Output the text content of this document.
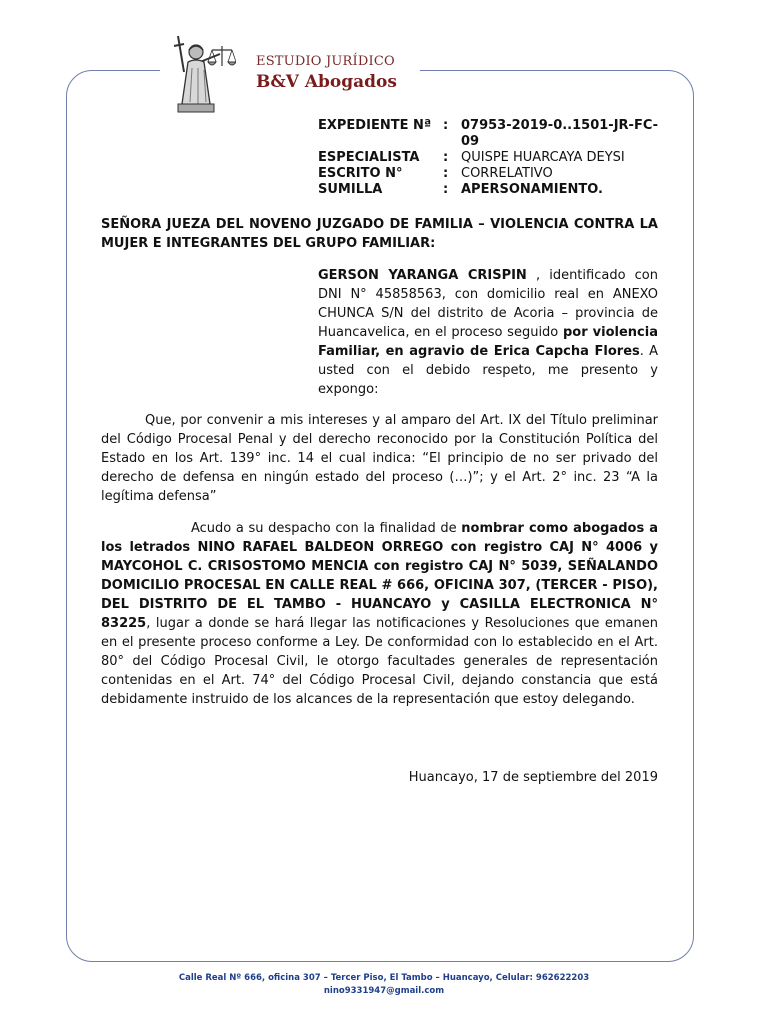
ESTUDIO JURÍDICO
B&V Abogados
EXPEDIENTE Nª : 07953-2019-0..1501-JR-FC-09
ESPECIALISTA	: QUISPE HUARCAYA DEYSI
ESCRITO N°	: CORRELATIVO
SUMILLA	: APERSONAMIENTO.
SEÑORA JUEZA DEL NOVENO JUZGADO DE FAMILIA – VIOLENCIA CONTRA LA MUJER E INTEGRANTES DEL GRUPO FAMILIAR:
GERSON YARANGA CRISPIN , identificado con DNI N° 45858563, con domicilio real en ANEXO CHUNCA S/N del distrito de Acoria – provincia de Huancavelica, en el proceso seguido por violencia Familiar, en agravio de Erica Capcha Flores. A usted con el debido respeto, me presento y expongo:
Que, por convenir a mis intereses y al amparo del Art. IX del Título preliminar del Código Procesal Penal y del derecho reconocido por la Constitución Política del Estado en los Art. 139° inc. 14 el cual indica: “El principio de no ser privado del derecho de defensa en ningún estado del proceso (…)”; y el Art. 2° inc. 23 “A la legítima defensa”
Acudo a su despacho con la finalidad de nombrar como abogados a los letrados NINO RAFAEL BALDEON ORREGO con registro CAJ N° 4006 y MAYCOHOL C. CRISOSTOMO MENCIA con registro CAJ N° 5039, SEÑALANDO DOMICILIO PROCESAL EN CALLE REAL # 666, OFICINA 307, (TERCER - PISO), DEL DISTRITO DE EL TAMBO - HUANCAYO y CASILLA ELECTRONICA N° 83225, lugar a donde se hará llegar las notificaciones y Resoluciones que emanen en el presente proceso conforme a Ley. De conformidad con lo establecido en el Art. 80° del Código Procesal Civil, le otorgo facultades generales de representación contenidas en el Art. 74° del Código Procesal Civil, dejando constancia que está debidamente instruido de los alcances de la representación que estoy delegando.
Huancayo, 17 de septiembre del 2019
Calle Real Nº 666, oficina 307 – Tercer Piso, El Tambo – Huancayo, Celular: 962622203
nino9331947@gmail.com
